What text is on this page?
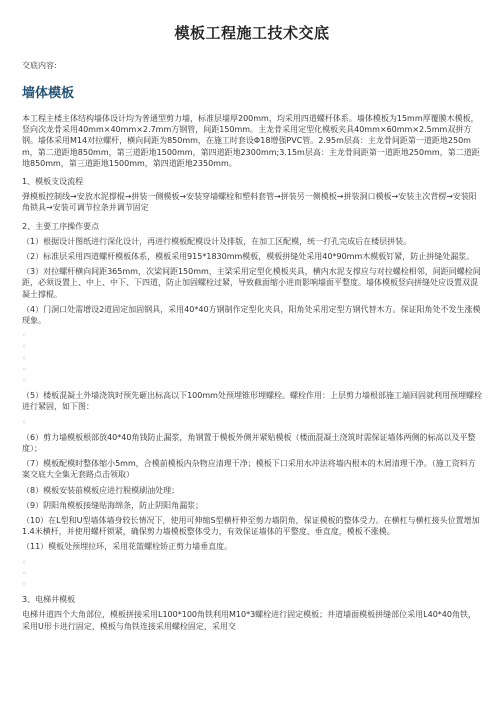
模板工程施工技术交底
交底内容:
墙体模板

本工程主楼主体结构墙体设计均为普通型剪力墙，标准层墙厚200mm，均采用四道螺杆体系。墙体模板为15mm厚覆膜木模板，竖向次龙骨采用40mm×40mm×2.7mm方钢管，间距150mm。主龙骨采用定型化模板夹具40mm×60mm×2.5mm双拼方钢。墙体采用M14对拉螺杆，横向间距为850mm，在施工时套设Φ18增强PVC管。2.95m层高：主龙骨间距第一道距地250mm，第二道距地850mm，第三道距地1500mm，第四道距地2300mm;3.15m层高：主龙骨间距第一道距地250mm，第二道距地850mm，第三道距地1500mm，第四道距地2350mm。

1、模板支设流程

弹模板控制线→安放水泥撑棍→拼装一侧模板→安装穿墙螺栓和塑料套管→拼装另一侧模板→拼装洞口模板→安装主次背楞→安装阳角锁具→安装可调节拉条并调节固定

2、主要工序操作要点

（1）根据设计图纸进行深化设计，再进行模板配模设计及排版，在加工区配模，统一打孔完成后在楼层拼装。

（2）标准层采用四道螺杆模板体系，模板采用915*1830mm模板，模板拼缝处采用40*90mm木模板钉紧，防止拼缝处漏浆。

（3）对拉螺杆横向间距365mm，次梁间距150mm，主梁采用定型化模板夹具，横内水泥支撑应与对拉螺栓相邻，间距同螺栓间距，必须设置上、中上、中下、下四道，防止加固螺栓过紧，导致截面缩小进而影响墙面平整度。墙体模板竖向拼缝处应设置双混凝土撑棍。

（4）门洞口处需增设2道固定加固钢具，采用40*40方钢制作定型化夹具，阳角处采用定型方钢代替木方。保证阳角处不发生涨模现象。

◦
◦
◦
◦
◦

（5）楼板混凝土外墙浇筑时预先砸出标高以下100mm处预埋锥形埋螺栓。螺栓作用：上层剪力墙根部施工端回固就利用预埋螺栓进行紧固，如下图：

◦

（6）剪力墙模板根部放40*40角钱防止漏浆，角钢置于模板外侧并紧贴模板（楼面混凝土浇筑时需保证墙体两侧的标高以及平整度）；

（7）模板配模时整体缩小5mm，合模前模板内杂物应清理干净；模板下口采用水冲法将墙内根本的木屑清理干净。（施工资料方案交底大全集无套路点击领取）

（8）模板安装前模板应进行脱模刷油处理；

（9）阴阳角模板接缝贴海绵条，防止阴阳角漏浆；

（10）在L型和U型墙体墙身较长情况下，使用可伸缩S型横杆伸至剪力墙阴角，保证模板的整体受力。在横杠与横杠接头位置增加1.4米横杆，并使用螺杆锁紧，确保剪力墙模板整体受力，有效保证墙体的平整度、垂直度，模板不涨模。

（11）模板处预埋拉环，采用花篮螺栓矫正剪力墙垂直度。

◦
◦
◦

3、电梯井模板

电梯井道四个大角部位，模板拼接采用L100*100角铁利用M10*3螺栓进行固定模板；井道墙面模板拼缝部位采用L40*40角铁，采用U形卡进行固定，模板与角铁连接采用螺栓固定，采用交
